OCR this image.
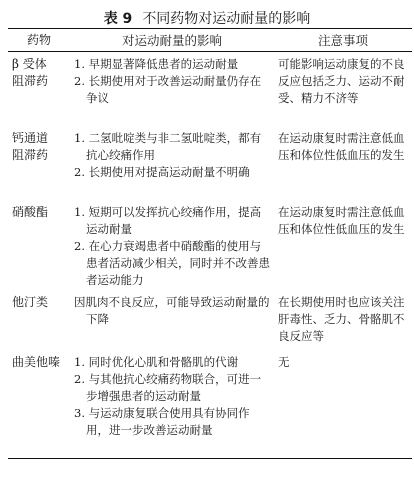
表 9 不同药物对运动耐量的影响
药物	对运动耐量的影响	注意事项

β 受体
阻滞药	1. 早期显著降低患者的运动耐量
2. 长期使用对于改善运动耐量仍存在争议	可能影响运动康复的不良反应包括乏力、运动不耐受、精力不济等

钙通道
阻滞药	1. 二氢吡啶类与非二氢吡啶类，都有抗心绞痛作用
2. 长期使用对提高运动耐量不明确	在运动康复时需注意低血压和体位性低血压的发生

硝酸酯	1. 短期可以发挥抗心绞痛作用，提高运动耐量
2. 在心力衰竭患者中硝酸酯的使用与患者活动减少相关，同时并不改善患者运动能力	在运动康复时需注意低血压和体位性低血压的发生

他汀类	因肌肉不良反应，可能导致运动耐量的下降	在长期使用时也应该关注肝毒性、乏力、骨骼肌不良反应等

曲美他嗪	1. 同时优化心肌和骨骼肌的代谢
2. 与其他抗心绞痛药物联合，可进一步增强患者的运动耐量
3. 与运动康复联合使用具有协同作用，进一步改善运动耐量	无
